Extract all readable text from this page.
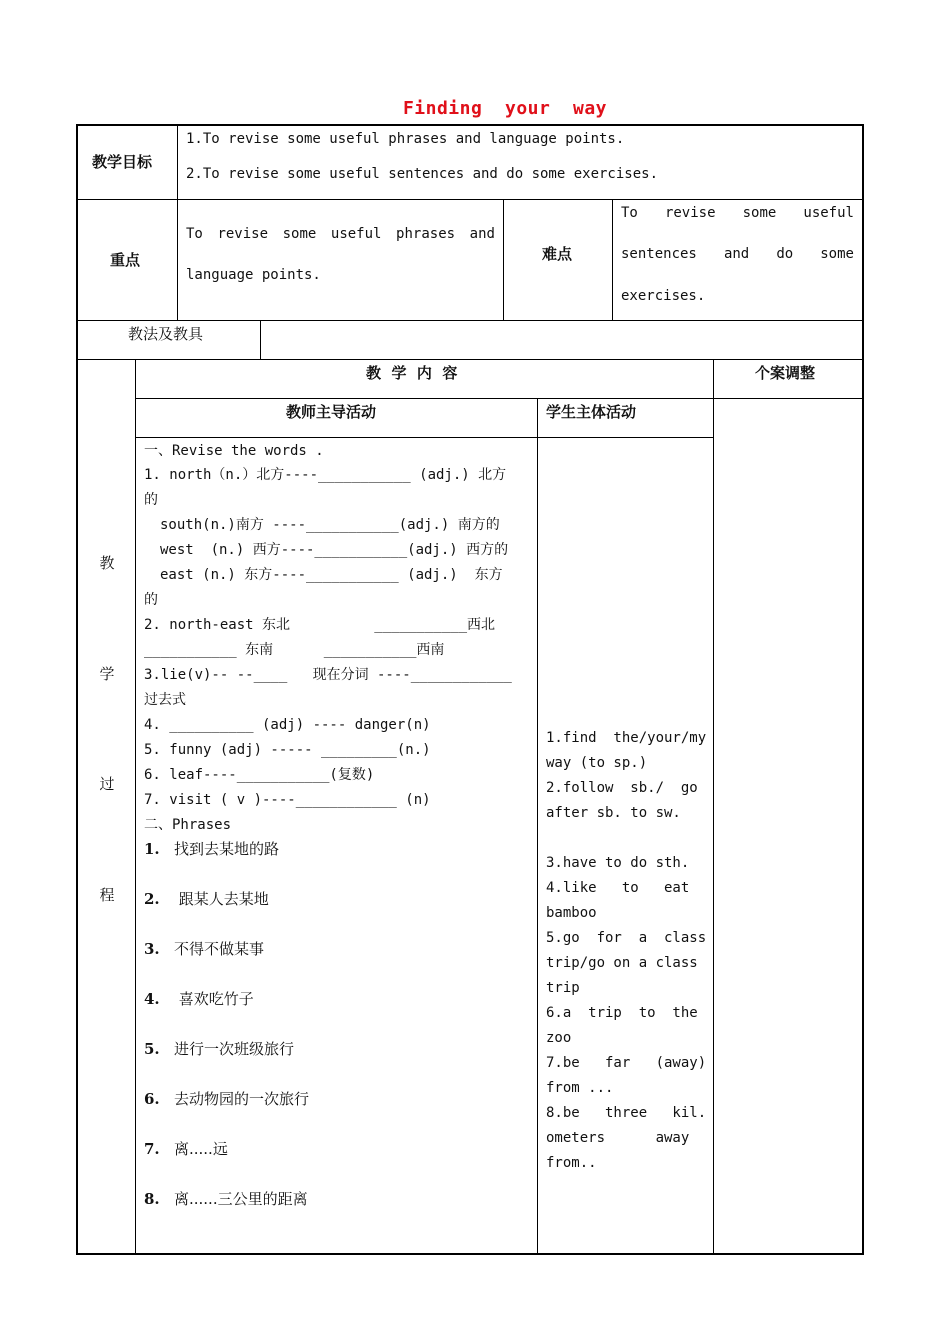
Finding  your  way
教学目标
1.To revise some useful phrases and language points.
2.To revise some useful sentences and do some exercises.
重点
To revise some useful phrases and
language points.
难点
To revise some useful
sentences and do some
exercises.
教法及教具
教
学
过
程
教  学  内  容	个案调整
教师主导活动	学生主体活动
一、Revise the words .
1. north（n.）北方----___________ (adj.) 北方
的
south(n.)南方 ----___________(adj.) 南方的
west  (n.) 西方----___________(adj.) 西方的
east (n.) 东方----___________ (adj.)  东方
的
2. north-east 东北          ___________西北
___________ 东南      ___________西南
3.lie(v)-- --____   现在分词 ----____________
过去式
4. __________ (adj) ---- danger(n)
5. funny (adj) ----- _________(n.)
6. leaf----___________(复数)
7. visit ( v )----____________ (n)
二、Phrases
1. 找到去某地的路
2.    跟某人去某地
3. 不得不做某事
4.    喜欢吃竹子
5. 进行一次班级旅行
6. 去动物园的一次旅行
7. 离.....远
8. 离......三公里的距离
1.find  the/your/my
way (to sp.)
2.follow  sb./  go
after sb. to sw.
3.have to do sth.
4.like   to   eat
bamboo
5.go  for  a  class
trip/go on a class
trip
6.a  trip  to  the
zoo
7.be   far   (away)
from ...
8.be   three   kil.
ometers      away
from..
